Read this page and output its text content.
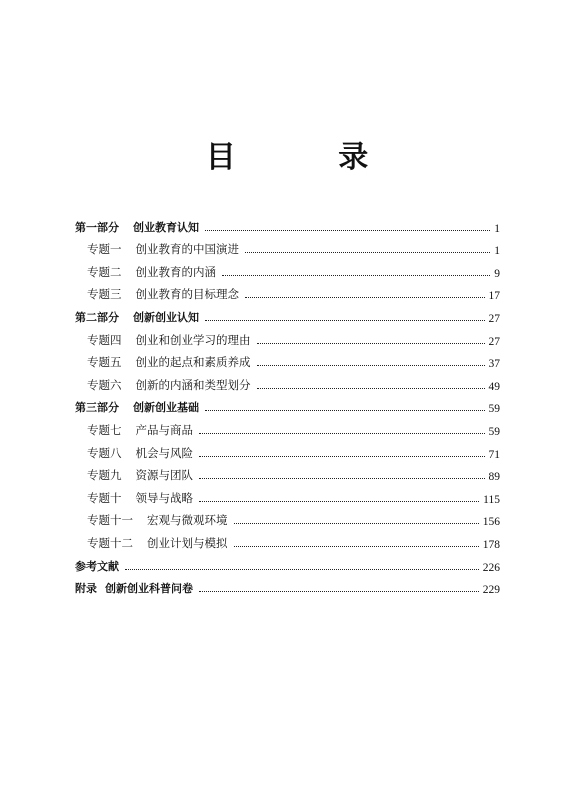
目 录
第一部分 创业教育认知	1
专题一 创业教育的中国演进	1
专题二 创业教育的内涵	9
专题三 创业教育的目标理念	17
第二部分 创新创业认知	27
专题四 创业和创业学习的理由	27
专题五 创业的起点和素质养成	37
专题六 创新的内涵和类型划分	49
第三部分 创新创业基础	59
专题七 产品与商品	59
专题八 机会与风险	71
专题九 资源与团队	89
专题十 领导与战略	115
专题十一 宏观与微观环境	156
专题十二 创业计划与模拟	178
参考文献	226
附录 创新创业科普问卷	229
